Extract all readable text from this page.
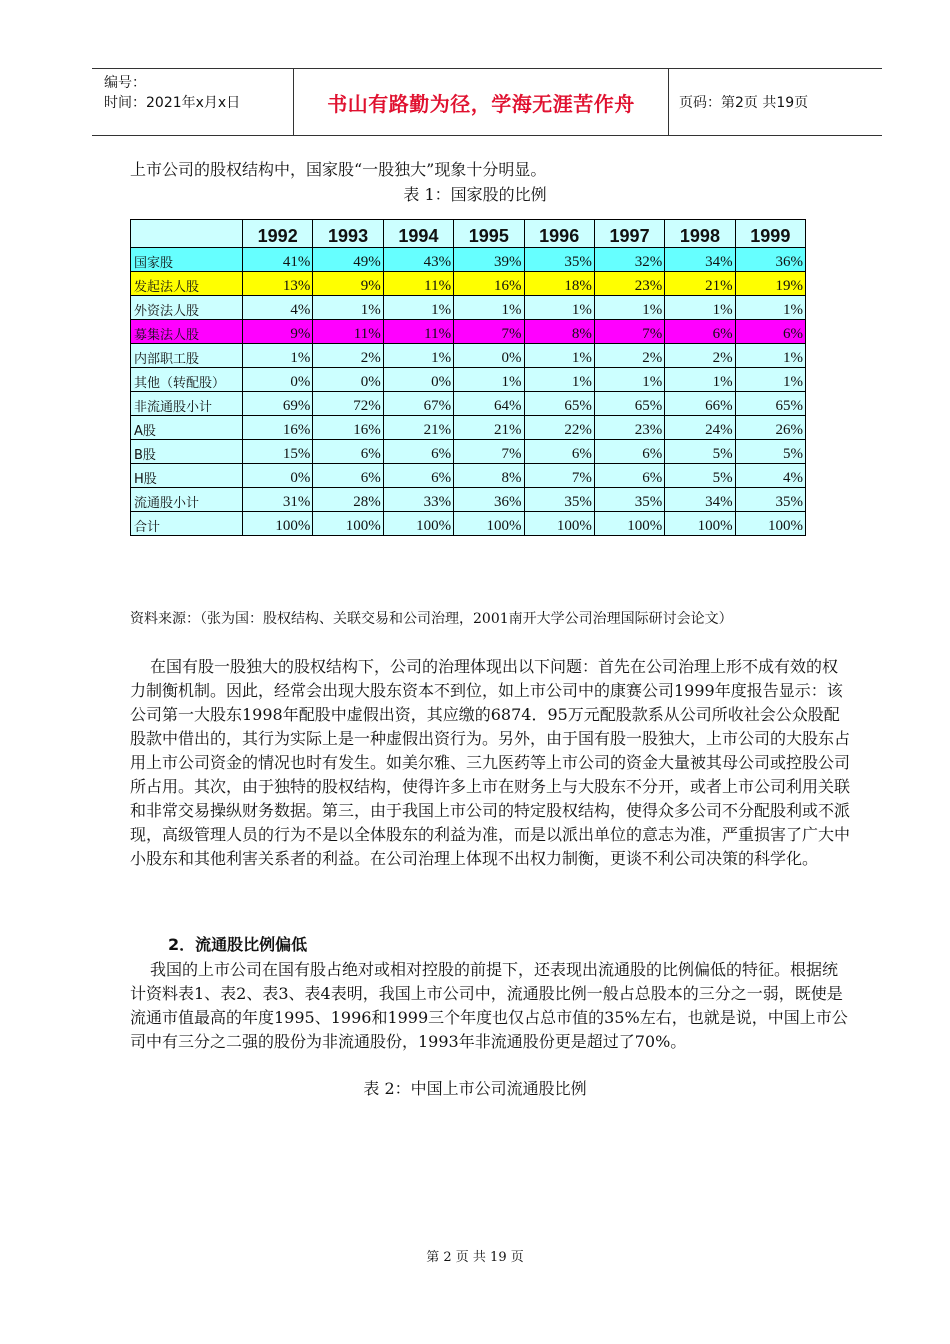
编号：
时间：2021年x月x日	书山有路勤为径，学海无涯苦作舟	页码：第2页 共19页
上市公司的股权结构中，国家股“一股独大”现象十分明显。
表 1：国家股的比例
	1992	1993	1994	1995	1996	1997	1998	1999
国家股	41%	49%	43%	39%	35%	32%	34%	36%
发起法人股	13%	9%	11%	16%	18%	23%	21%	19%
外资法人股	4%	1%	1%	1%	1%	1%	1%	1%
募集法人股	9%	11%	11%	7%	8%	7%	6%	6%
内部职工股	1%	2%	1%	0%	1%	2%	2%	1%
其他（转配股）	0%	0%	0%	1%	1%	1%	1%	1%
非流通股小计	69%	72%	67%	64%	65%	65%	66%	65%
A股	16%	16%	21%	21%	22%	23%	24%	26%
B股	15%	6%	6%	7%	6%	6%	5%	5%
H股	0%	6%	6%	8%	7%	6%	5%	4%
流通股小计	31%	28%	33%	36%	35%	35%	34%	35%
合计	100%	100%	100%	100%	100%	100%	100%	100%
资料来源：（张为国：股权结构、关联交易和公司治理，2001南开大学公司治理国际研讨会论文）
在国有股一股独大的股权结构下，公司的治理体现出以下问题：首先在公司治理上形不成有效的权力制衡机制。因此，经常会出现大股东资本不到位，如上市公司中的康赛公司1999年度报告显示：该公司第一大股东1998年配股中虚假出资，其应缴的6874．95万元配股款系从公司所收社会公众股配股款中借出的，其行为实际上是一种虚假出资行为。另外，由于国有股一股独大，上市公司的大股东占用上市公司资金的情况也时有发生。如美尔雅、三九医药等上市公司的资金大量被其母公司或控股公司所占用。其次，由于独特的股权结构，使得许多上市在财务上与大股东不分开，或者上市公司利用关联和非常交易操纵财务数据。第三，由于我国上市公司的特定股权结构，使得众多公司不分配股利或不派现，高级管理人员的行为不是以全体股东的利益为准，而是以派出单位的意志为准，严重损害了广大中小股东和其他利害关系者的利益。在公司治理上体现不出权力制衡，更谈不利公司决策的科学化。
2．流通股比例偏低
我国的上市公司在国有股占绝对或相对控股的前提下，还表现出流通股的比例偏低的特征。根据统计资料表1、表2、表3、表4表明，我国上市公司中，流通股比例一般占总股本的三分之一弱，既使是流通市值最高的年度1995、1996和1999三个年度也仅占总市值的35%左右，也就是说，中国上市公司中有三分之二强的股份为非流通股份，1993年非流通股份更是超过了70%。
表 2：中国上市公司流通股比例
第 2 页 共 19 页
